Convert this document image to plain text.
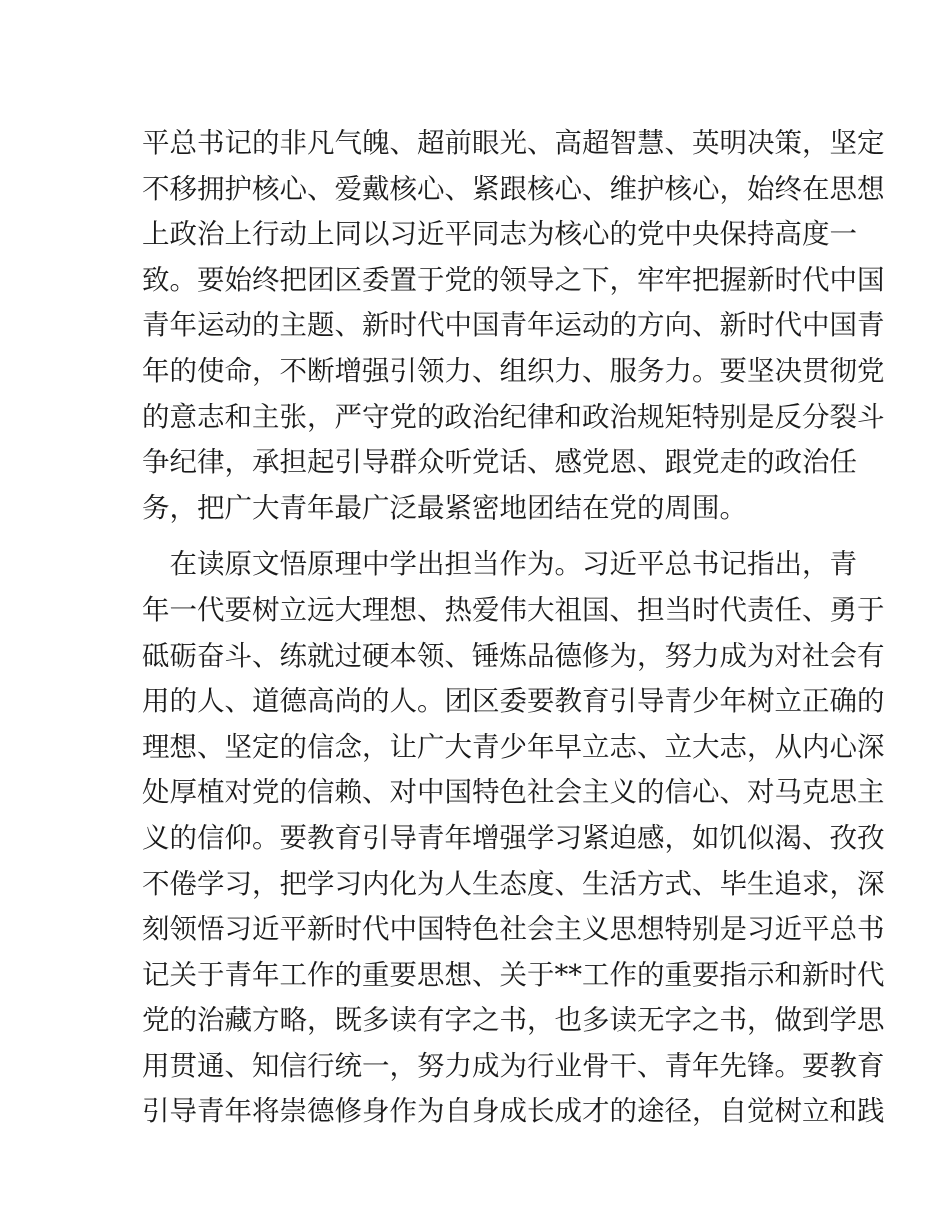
平总书记的非凡气魄、超前眼光、高超智慧、英明决策，坚定
不移拥护核心、爱戴核心、紧跟核心、维护核心，始终在思想
上政治上行动上同以习近平同志为核心的党中央保持高度一
致。要始终把团区委置于党的领导之下，牢牢把握新时代中国
青年运动的主题、新时代中国青年运动的方向、新时代中国青
年的使命，不断增强引领力、组织力、服务力。要坚决贯彻党
的意志和主张，严守党的政治纪律和政治规矩特别是反分裂斗
争纪律，承担起引导群众听党话、感党恩、跟党走的政治任
务，把广大青年最广泛最紧密地团结在党的周围。
　在读原文悟原理中学出担当作为。习近平总书记指出，青
年一代要树立远大理想、热爱伟大祖国、担当时代责任、勇于
砥砺奋斗、练就过硬本领、锤炼品德修为，努力成为对社会有
用的人、道德高尚的人。团区委要教育引导青少年树立正确的
理想、坚定的信念，让广大青少年早立志、立大志，从内心深
处厚植对党的信赖、对中国特色社会主义的信心、对马克思主
义的信仰。要教育引导青年增强学习紧迫感，如饥似渴、孜孜
不倦学习，把学习内化为人生态度、生活方式、毕生追求，深
刻领悟习近平新时代中国特色社会主义思想特别是习近平总书
记关于青年工作的重要思想、关于**工作的重要指示和新时代
党的治藏方略，既多读有字之书，也多读无字之书，做到学思
用贯通、知信行统一，努力成为行业骨干、青年先锋。要教育
引导青年将崇德修身作为自身成长成才的途径，自觉树立和践
